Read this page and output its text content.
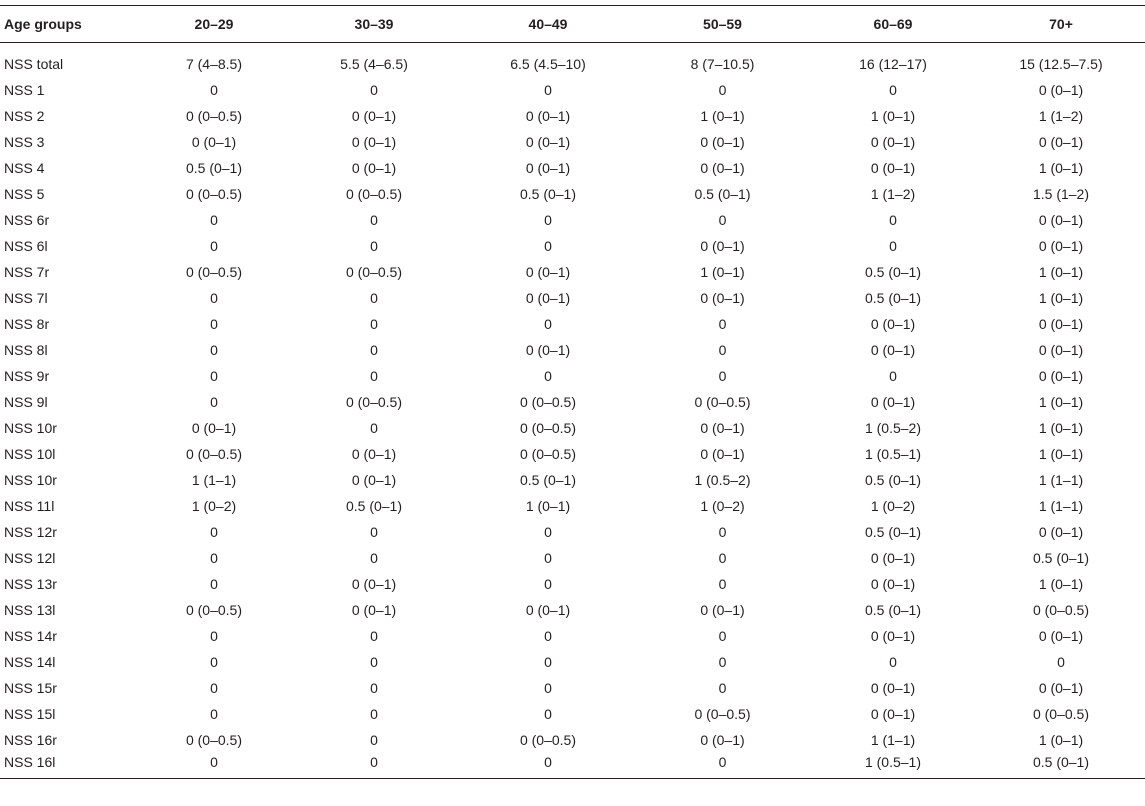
Age groups	20–29	30–39	40–49	50–59	60–69	70+

NSS total	7 (4–8.5)	5.5 (4–6.5)	6.5 (4.5–10)	8 (7–10.5)	16 (12–17)	15 (12.5–7.5)
NSS 1	0	0	0	0	0	0 (0–1)
NSS 2	0 (0–0.5)	0 (0–1)	0 (0–1)	1 (0–1)	1 (0–1)	1 (1–2)
NSS 3	0 (0–1)	0 (0–1)	0 (0–1)	0 (0–1)	0 (0–1)	0 (0–1)
NSS 4	0.5 (0–1)	0 (0–1)	0 (0–1)	0 (0–1)	0 (0–1)	1 (0–1)
NSS 5	0 (0–0.5)	0 (0–0.5)	0.5 (0–1)	0.5 (0–1)	1 (1–2)	1.5 (1–2)
NSS 6r	0	0	0	0	0	0 (0–1)
NSS 6l	0	0	0	0 (0–1)	0	0 (0–1)
NSS 7r	0 (0–0.5)	0 (0–0.5)	0 (0–1)	1 (0–1)	0.5 (0–1)	1 (0–1)
NSS 7l	0	0	0 (0–1)	0 (0–1)	0.5 (0–1)	1 (0–1)
NSS 8r	0	0	0	0	0 (0–1)	0 (0–1)
NSS 8l	0	0	0 (0–1)	0	0 (0–1)	0 (0–1)
NSS 9r	0	0	0	0	0	0 (0–1)
NSS 9l	0	0 (0–0.5)	0 (0–0.5)	0 (0–0.5)	0 (0–1)	1 (0–1)
NSS 10r	0 (0–1)	0	0 (0–0.5)	0 (0–1)	1 (0.5–2)	1 (0–1)
NSS 10l	0 (0–0.5)	0 (0–1)	0 (0–0.5)	0 (0–1)	1 (0.5–1)	1 (0–1)
NSS 10r	1 (1–1)	0 (0–1)	0.5 (0–1)	1 (0.5–2)	0.5 (0–1)	1 (1–1)
NSS 11l	1 (0–2)	0.5 (0–1)	1 (0–1)	1 (0–2)	1 (0–2)	1 (1–1)
NSS 12r	0	0	0	0	0.5 (0–1)	0 (0–1)
NSS 12l	0	0	0	0	0 (0–1)	0.5 (0–1)
NSS 13r	0	0 (0–1)	0	0	0 (0–1)	1 (0–1)
NSS 13l	0 (0–0.5)	0 (0–1)	0 (0–1)	0 (0–1)	0.5 (0–1)	0 (0–0.5)
NSS 14r	0	0	0	0	0 (0–1)	0 (0–1)
NSS 14l	0	0	0	0	0	0
NSS 15r	0	0	0	0	0 (0–1)	0 (0–1)
NSS 15l	0	0	0	0 (0–0.5)	0 (0–1)	0 (0–0.5)
NSS 16r	0 (0–0.5)	0	0 (0–0.5)	0 (0–1)	1 (1–1)	1 (0–1)
NSS 16l	0	0	0	0	1 (0.5–1)	0.5 (0–1)
